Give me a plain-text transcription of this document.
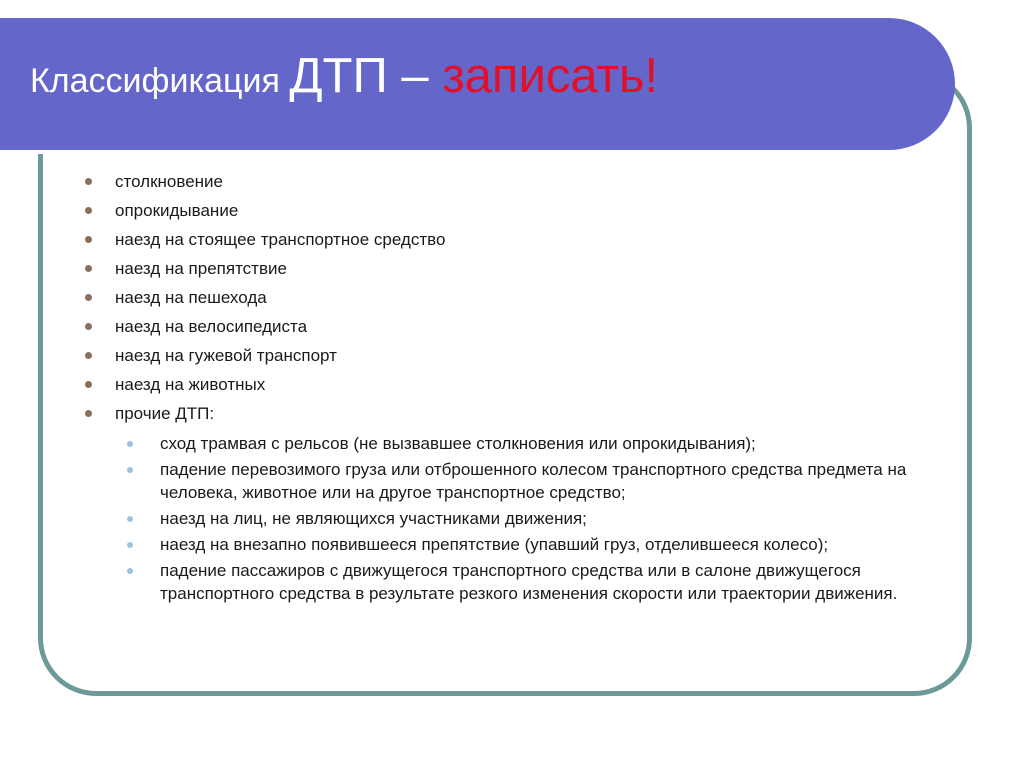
Классификация ДТП – записать!
столкновение
опрокидывание
наезд на стоящее транспортное средство
наезд на препятствие
наезд на пешехода
наезд на велосипедиста
наезд на гужевой транспорт
наезд на животных
прочие ДТП:
сход трамвая с рельсов (не вызвавшее столкновения или опрокидывания);
падение перевозимого груза или отброшенного колесом транспортного средства предмета на человека, животное или на другое транспортное средство;
наезд на лиц, не являющихся участниками движения;
наезд на внезапно появившееся препятствие (упавший груз, отделившееся колесо);
падение пассажиров с движущегося транспортного средства или в салоне движущегося транспортного средства в результате резкого изменения скорости или траектории движения.
